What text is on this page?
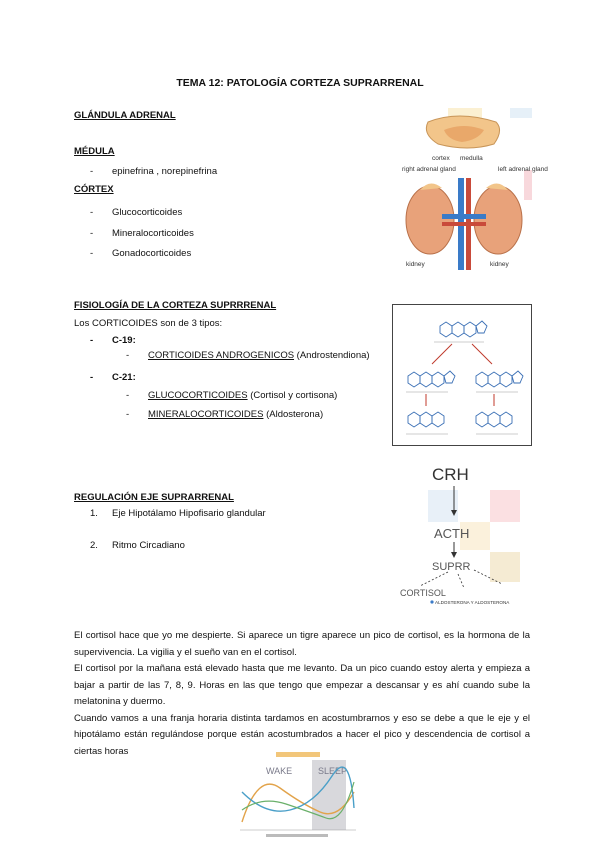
TEMA 12: PATOLOGÍA CORTEZA SUPRARRENAL
GLÁNDULA ADRENAL
MÉDULA
- epinefrina , norepinefrina
CÓRTEX
- Glucocorticoides
- Mineralocorticoides
- Gonadocorticoides
cortex medulla
right adrenal gland	left adrenal gland
kidney	kidney
FISIOLOGÍA DE LA CORTEZA SUPRRRENAL
Los CORTICOIDES son de 3 tipos:
- C-19:
- CORTICOIDES ANDROGENICOS (Androstendiona)
- C-21:
- GLUCOCORTICOIDES (Cortisol y cortisona)
- MINERALOCORTICOIDES (Aldosterona)
REGULACIÓN EJE SUPRARRENAL
1. Eje Hipotálamo Hipofisario glandular
2. Ritmo Circadiano
CRH
ACTH
SUPRR
CORTISOL
ALDOSTERONA Y ALDOSTERONA

El cortisol hace que yo me despierte. Si aparece un tigre aparece un pico de cortisol, es la hormona de la supervivencia. La vigilia y el sueño van en el cortisol.

El cortisol por la mañana está elevado hasta que me levanto. Da un pico cuando estoy alerta y empieza a bajar a partir de las 7, 8, 9. Horas en las que tengo que empezar a descansar y es ahí cuando sube la melatonina y duermo.

Cuando vamos a una franja horaria distinta tardamos en acostumbrarnos y eso se debe a que le eje y el hipotálamo están regulándose porque están acostumbrados a hacer el pico y descendencia de cortisol a ciertas horas

WAKE	SLEEP
